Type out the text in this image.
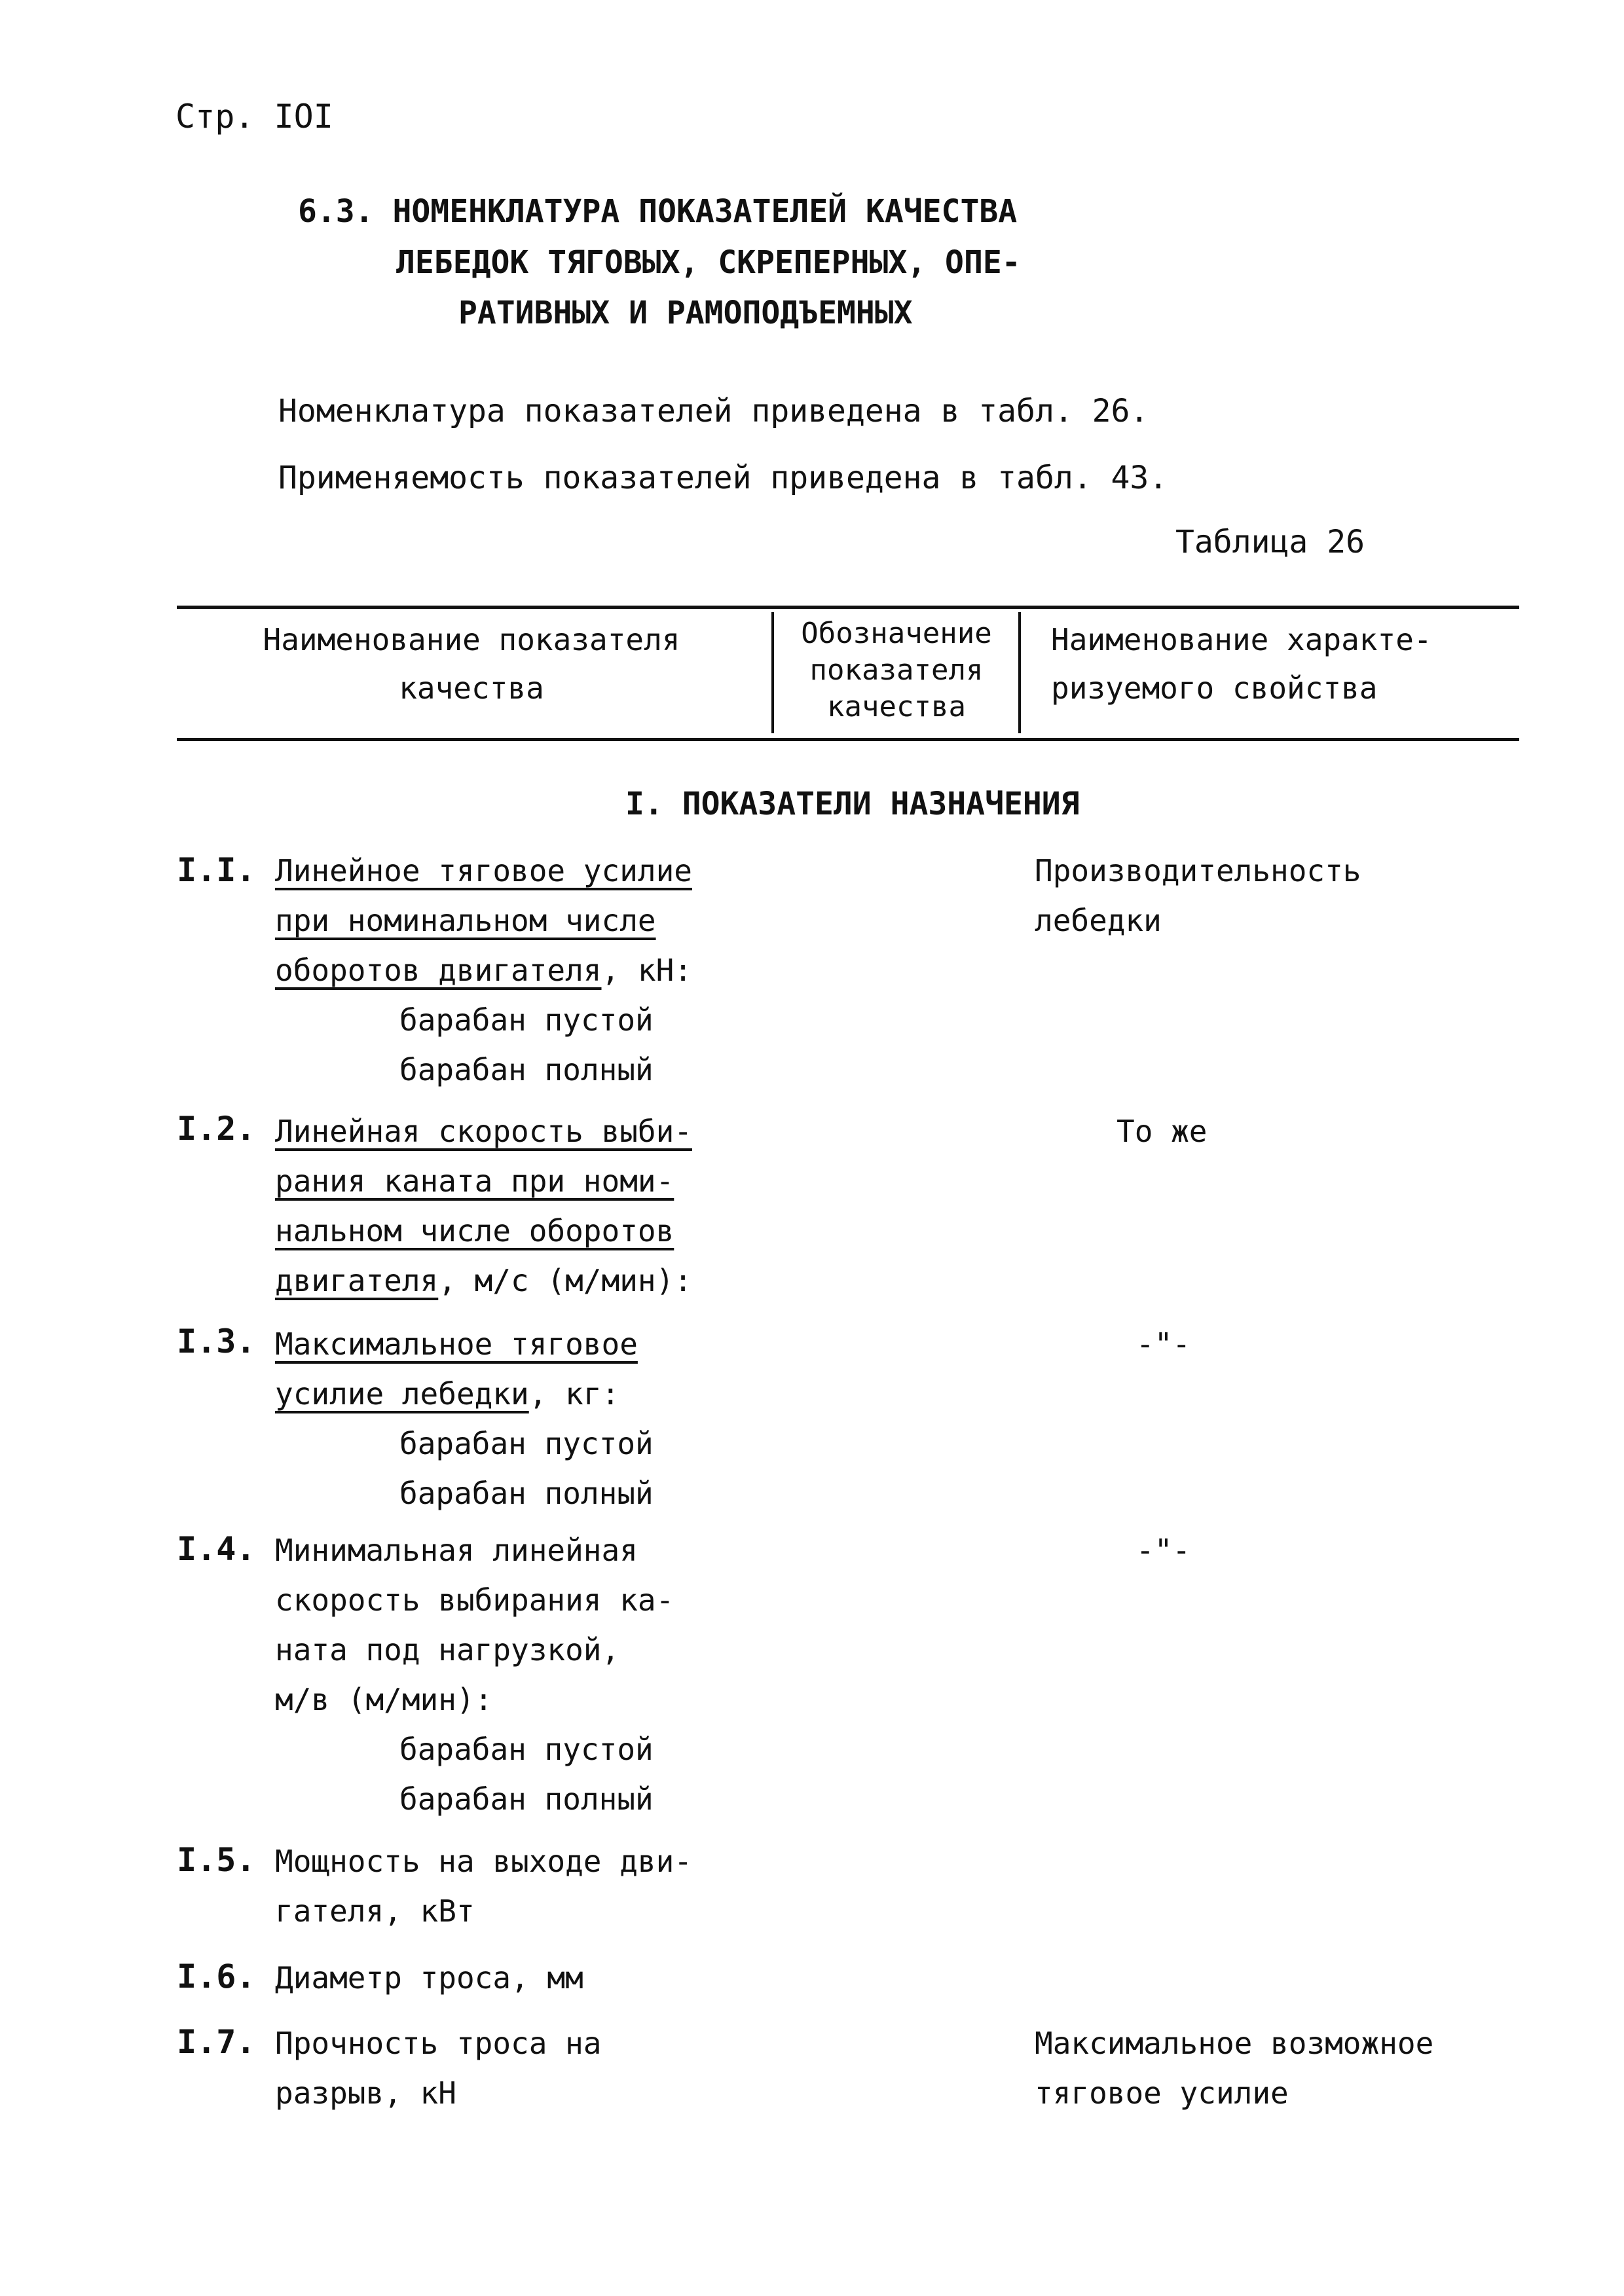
Стр. IOI
6.3. НОМЕНКЛАТУРА ПОКАЗАТЕЛЕЙ КАЧЕСТВА
ЛЕБЕДОК ТЯГОВЫХ, СКРЕПЕРНЫХ, ОПЕ-
РАТИВНЫХ И РАМОПОДЪЕМНЫХ
Номенклатура показателей приведена в табл. 26.
Применяемость показателей приведена в табл. 43.
Таблица 26
Наименование показателя
качества
Обозначение
показателя
качества
Наименование характе-
ризуемого свойства
I. ПОКАЗАТЕЛИ НАЗНАЧЕНИЯ
I.I. Линейное тяговое усилие
при номинальном числе
оборотов двигателя, кН:
барабан пустой
барабан полный
Производительность
лебедки
I.2. Линейная скорость выби-
рания каната при номи-
нальном числе оборотов
двигателя, м/с (м/мин):
То же
I.3. Максимальное тяговое
усилие лебедки, кг:
барабан пустой
барабан полный
-"-
I.4. Минимальная линейная
скорость выбирания ка-
ната под нагрузкой,
м/в (м/мин):
барабан пустой
барабан полный
-"-
I.5. Мощность на выходе дви-
гателя, кВт
I.6. Диаметр троса, мм
I.7. Прочность троса на
разрыв, кН
Максимальное возможное
тяговое усилие
